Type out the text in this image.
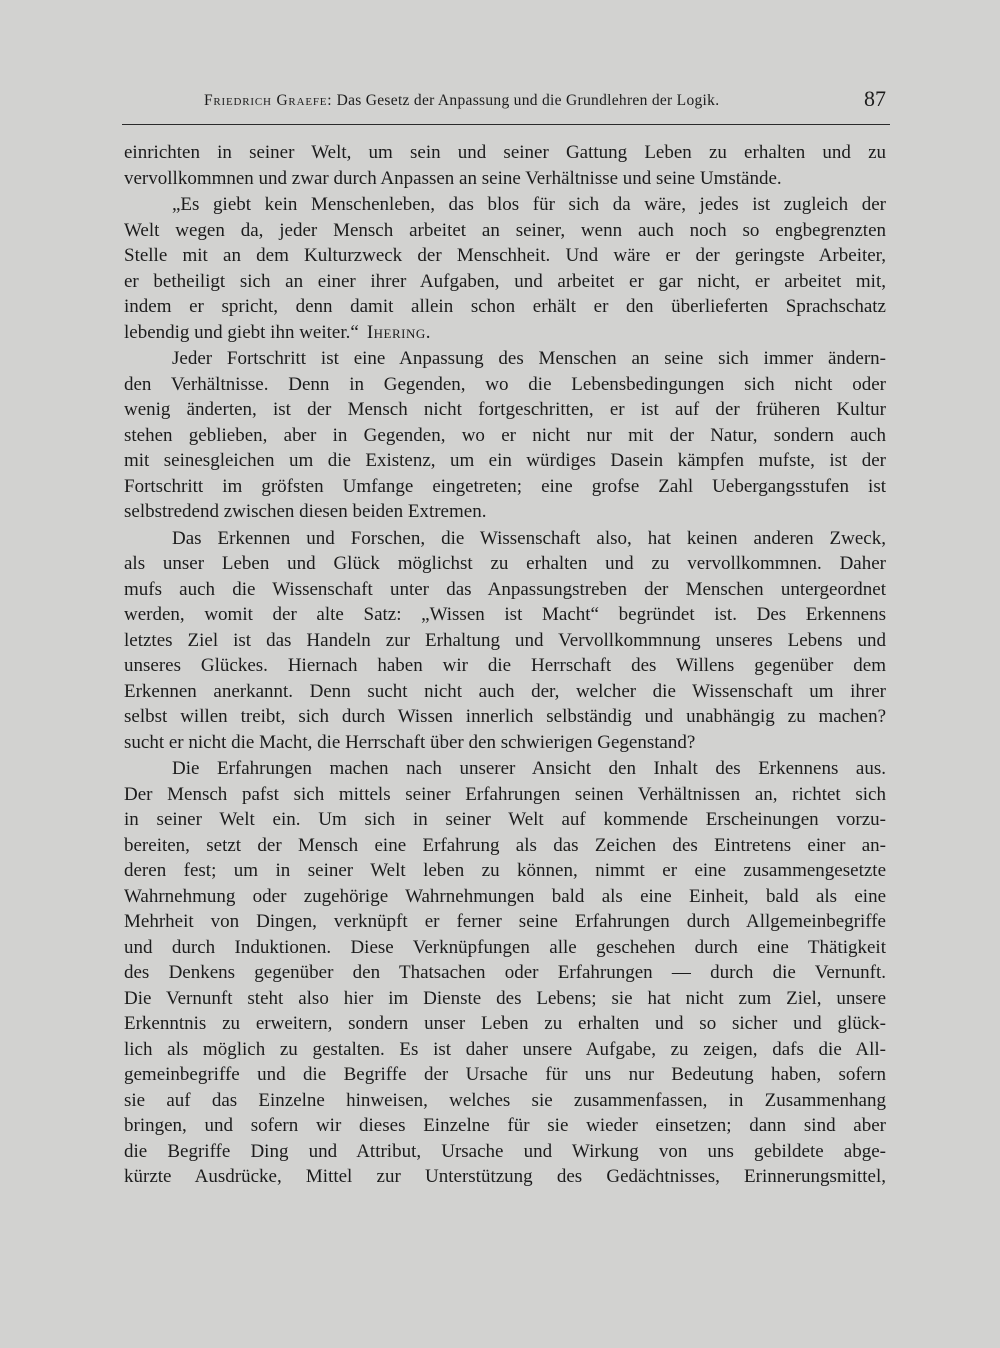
Friedrich Graefe: Das Gesetz der Anpassung und die Grundlehren der Logik.	87
einrichten in seiner Welt, um sein und seiner Gattung Leben zu erhalten und zu
vervollkommnen und zwar durch Anpassen an seine Verhältnisse und seine Umstände.
„Es giebt kein Menschenleben, das blos für sich da wäre, jedes ist zugleich der
Welt wegen da, jeder Mensch arbeitet an seiner, wenn auch noch so engbegrenzten
Stelle mit an dem Kulturzweck der Menschheit. Und wäre er der geringste Arbeiter,
er betheiligt sich an einer ihrer Aufgaben, und arbeitet er gar nicht, er arbeitet mit,
indem er spricht, denn damit allein schon erhält er den überlieferten Sprachschatz
lebendig und giebt ihn weiter.“ Ihering.
Jeder Fortschritt ist eine Anpassung des Menschen an seine sich immer ändern-
den Verhältnisse. Denn in Gegenden, wo die Lebensbedingungen sich nicht oder
wenig änderten, ist der Mensch nicht fortgeschritten, er ist auf der früheren Kultur
stehen geblieben, aber in Gegenden, wo er nicht nur mit der Natur, sondern auch
mit seinesgleichen um die Existenz, um ein würdiges Dasein kämpfen mufste, ist der
Fortschritt im gröfsten Umfange eingetreten; eine grofse Zahl Uebergangsstufen ist
selbstredend zwischen diesen beiden Extremen.
Das Erkennen und Forschen, die Wissenschaft also, hat keinen anderen Zweck,
als unser Leben und Glück möglichst zu erhalten und zu vervollkommnen. Daher
mufs auch die Wissenschaft unter das Anpassungstreben der Menschen untergeordnet
werden, womit der alte Satz: „Wissen ist Macht“ begründet ist. Des Erkennens
letztes Ziel ist das Handeln zur Erhaltung und Vervollkommnung unseres Lebens und
unseres Glückes. Hiernach haben wir die Herrschaft des Willens gegenüber dem
Erkennen anerkannt. Denn sucht nicht auch der, welcher die Wissenschaft um ihrer
selbst willen treibt, sich durch Wissen innerlich selbständig und unabhängig zu machen?
sucht er nicht die Macht, die Herrschaft über den schwierigen Gegenstand?
Die Erfahrungen machen nach unserer Ansicht den Inhalt des Erkennens aus.
Der Mensch pafst sich mittels seiner Erfahrungen seinen Verhältnissen an, richtet sich
in seiner Welt ein. Um sich in seiner Welt auf kommende Erscheinungen vorzu-
bereiten, setzt der Mensch eine Erfahrung als das Zeichen des Eintretens einer an-
deren fest; um in seiner Welt leben zu können, nimmt er eine zusammengesetzte
Wahrnehmung oder zugehörige Wahrnehmungen bald als eine Einheit, bald als eine
Mehrheit von Dingen, verknüpft er ferner seine Erfahrungen durch Allgemeinbegriffe
und durch Induktionen. Diese Verknüpfungen alle geschehen durch eine Thätigkeit
des Denkens gegenüber den Thatsachen oder Erfahrungen — durch die Vernunft.
Die Vernunft steht also hier im Dienste des Lebens; sie hat nicht zum Ziel, unsere
Erkenntnis zu erweitern, sondern unser Leben zu erhalten und so sicher und glück-
lich als möglich zu gestalten. Es ist daher unsere Aufgabe, zu zeigen, dafs die All-
gemeinbegriffe und die Begriffe der Ursache für uns nur Bedeutung haben, sofern
sie auf das Einzelne hinweisen, welches sie zusammenfassen, in Zusammenhang
bringen, und sofern wir dieses Einzelne für sie wieder einsetzen; dann sind aber
die Begriffe Ding und Attribut, Ursache und Wirkung von uns gebildete abge-
kürzte Ausdrücke, Mittel zur Unterstützung des Gedächtnisses, Erinnerungsmittel,
